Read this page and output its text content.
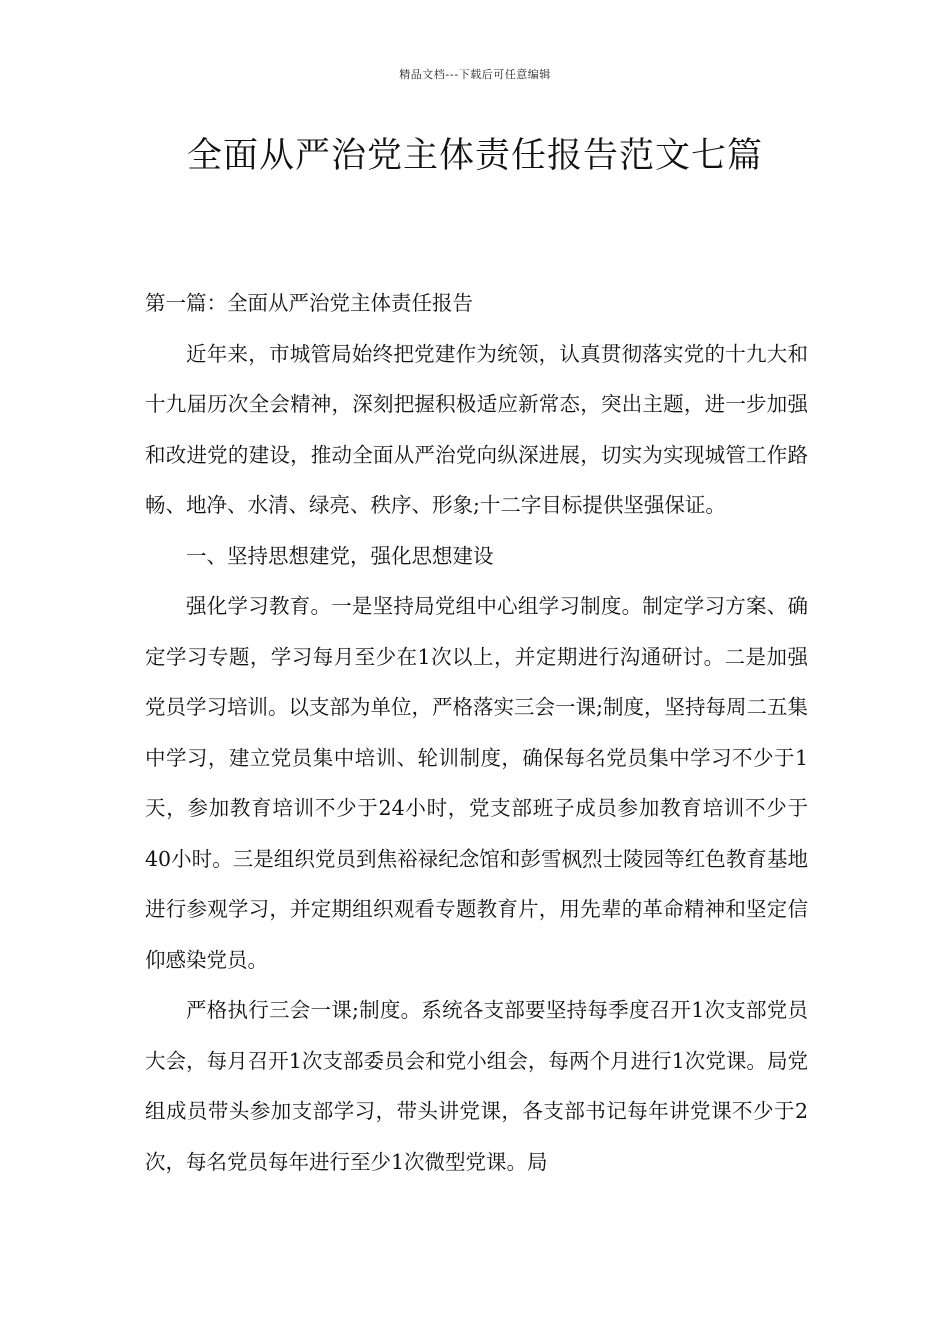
精品文档---下载后可任意编辑
全面从严治党主体责任报告范文七篇

第一篇：全面从严治党主体责任报告

近年来，市城管局始终把党建作为统领，认真贯彻落实党的十九大和十九届历次全会精神，深刻把握积极适应新常态，突出主题，进一步加强和改进党的建设，推动全面从严治党向纵深进展，切实为实现城管工作路畅、地净、水清、绿亮、秩序、形象;十二字目标提供坚强保证。

一、坚持思想建党，强化思想建设

强化学习教育。一是坚持局党组中心组学习制度。制定学习方案、确定学习专题，学习每月至少在1次以上，并定期进行沟通研讨。二是加强党员学习培训。以支部为单位，严格落实三会一课;制度，坚持每周二五集中学习，建立党员集中培训、轮训制度，确保每名党员集中学习不少于1天，参加教育培训不少于24小时，党支部班子成员参加教育培训不少于40小时。三是组织党员到焦裕禄纪念馆和彭雪枫烈士陵园等红色教育基地进行参观学习，并定期组织观看专题教育片，用先辈的革命精神和坚定信仰感染党员。

严格执行三会一课;制度。系统各支部要坚持每季度召开1次支部党员大会，每月召开1次支部委员会和党小组会，每两个月进行1次党课。局党组成员带头参加支部学习，带头讲党课，各支部书记每年讲党课不少于2次，每名党员每年进行至少1次微型党课。局
